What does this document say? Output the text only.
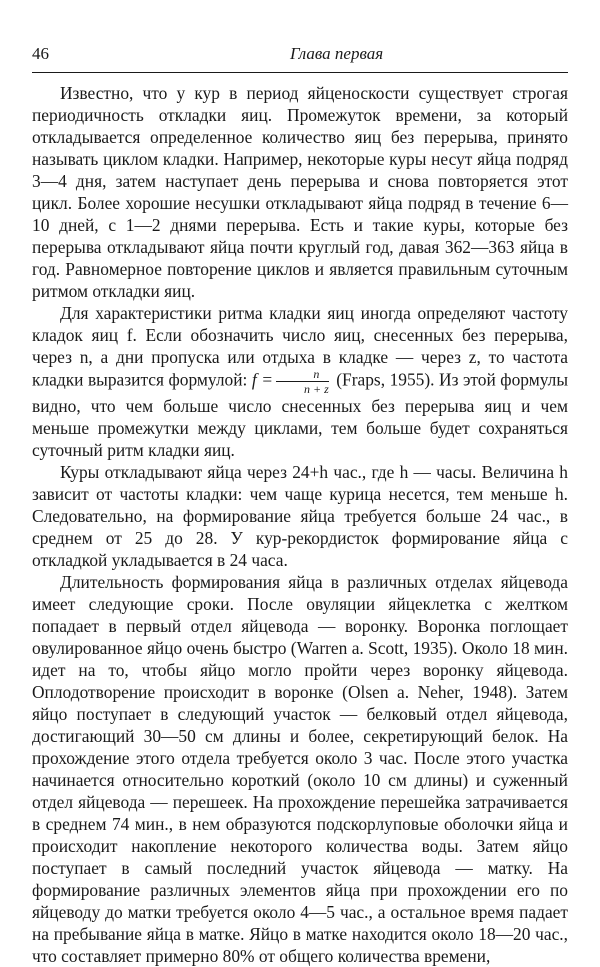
46	Глава первая

Известно, что у кур в период яйценоскости существует строгая периодичность откладки яиц. Промежуток времени, за который откладывается определенное количество яиц без перерыва, принято называть циклом кладки. Например, некоторые куры несут яйца подряд 3—4 дня, затем наступает день перерыва и снова повторяется этот цикл. Более хорошие несушки откладывают яйца подряд в течение 6—10 дней, с 1—2 днями перерыва. Есть и такие куры, которые без перерыва откладывают яйца почти круглый год, давая 362—363 яйца в год. Равномерное повторение циклов и является правильным суточным ритмом откладки яиц.

Для характеристики ритма кладки яиц иногда определяют частоту кладок яиц f. Если обозначить число яиц, снесенных без перерыва, через n, а дни пропуска или отдыха в кладке — через z, то частота кладки выразится формулой: $f = \frac{n}{n + z}$ (Fraps, 1955). Из этой формулы видно, что чем больше число снесенных без перерыва яиц и чем меньше промежутки между циклами, тем больше будет сохраняться суточный ритм кладки яиц.

Куры откладывают яйца через 24+h час., где h — часы. Величина h зависит от частоты кладки: чем чаще курица несется, тем меньше h. Следовательно, на формирование яйца требуется больше 24 час., в среднем от 25 до 28. У кур-рекордисток формирование яйца с откладкой укладывается в 24 часа.

Длительность формирования яйца в различных отделах яйцевода имеет следующие сроки. После овуляции яйцеклетка с желтком попадает в первый отдел яйцевода — воронку. Воронка поглощает овулированное яйцо очень быстро (Warren a. Scott, 1935). Около 18 мин. идет на то, чтобы яйцо могло пройти через воронку яйцевода. Оплодотворение происходит в воронке (Olsen a. Neher, 1948). Затем яйцо поступает в следующий участок — белковый отдел яйцевода, достигающий 30—50 см длины и более, секретирующий белок. На прохождение этого отдела требуется около 3 час. После этого участка начинается относительно короткий (около 10 см длины) и суженный отдел яйцевода — перешеек. На прохождение перешейка затрачивается в среднем 74 мин., в нем образуются подскорлуповые оболочки яйца и происходит накопление некоторого количества воды. Затем яйцо поступает в самый последний участок яйцевода — матку. На формирование различных элементов яйца при прохождении его по яйцеводу до матки требуется около 4—5 час., а остальное время падает на пребывание яйца в матке. Яйцо в матке находится около 18—20 час., что составляет примерно 80% от общего количества времени,
